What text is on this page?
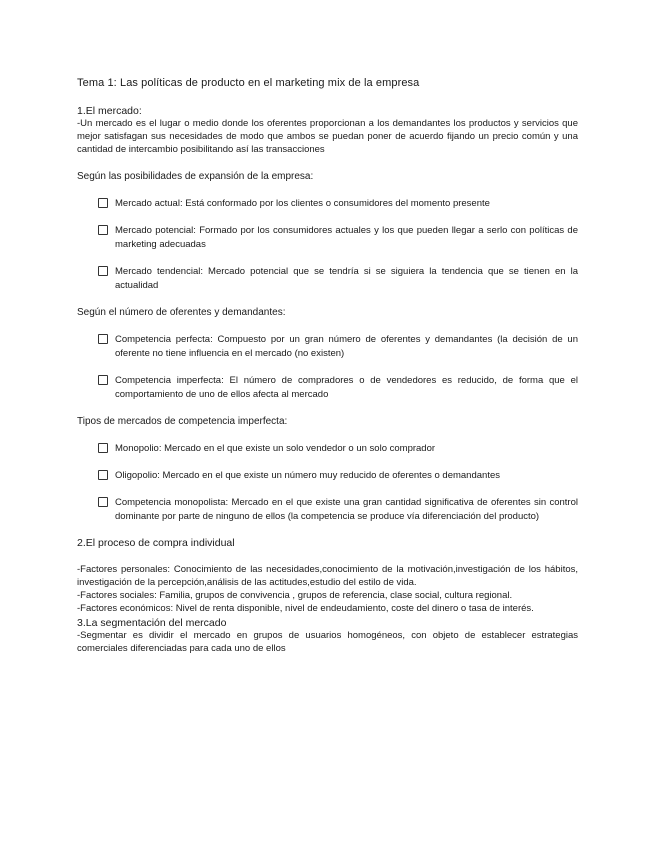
Tema 1: Las políticas de producto en el marketing mix de la empresa
1.El mercado:

-Un mercado es el lugar o medio donde los oferentes proporcionan a los demandantes los productos y servicios que mejor satisfagan sus necesidades de modo que ambos se puedan poner de acuerdo fijando un precio común y una cantidad de intercambio posibilitando así las transacciones

Según las posibilidades de expansión de la empresa:
Mercado actual: Está conformado por los clientes o consumidores del momento presente
Mercado potencial: Formado por los consumidores actuales y los que pueden llegar a serlo con políticas de marketing adecuadas
Mercado tendencial: Mercado potencial que se tendría si se siguiera la tendencia que se tienen en la actualidad
Según el número de oferentes y demandantes:
Competencia perfecta: Compuesto por un gran número de oferentes y demandantes (la decisión de un oferente no tiene influencia en el mercado (no existen)
Competencia imperfecta: El número de compradores o de vendedores es reducido, de forma que el comportamiento de uno de ellos afecta al mercado
Tipos de mercados de competencia imperfecta:
Monopolio: Mercado en el que existe un solo vendedor o un solo comprador
Oligopolio: Mercado en el que existe un número muy reducido de oferentes o demandantes
Competencia monopolista: Mercado en el que existe una gran cantidad significativa de oferentes sin control dominante por parte de ninguno de ellos (la competencia se produce vía diferenciación del producto)
2.El proceso de compra individual

-Factores personales: Conocimiento de las necesidades,conocimiento de la motivación,investigación de los hábitos, investigación de la percepción,análisis de las actitudes,estudio del estilo de vida.

-Factores sociales: Familia, grupos de convivencia , grupos de referencia, clase social, cultura regional.

-Factores económicos: Nivel de renta disponible, nivel de endeudamiento, coste del dinero o tasa de interés.

3.La segmentación del mercado

-Segmentar es dividir el mercado en grupos de usuarios homogéneos, con objeto de establecer estrategias comerciales diferenciadas para cada uno de ellos
